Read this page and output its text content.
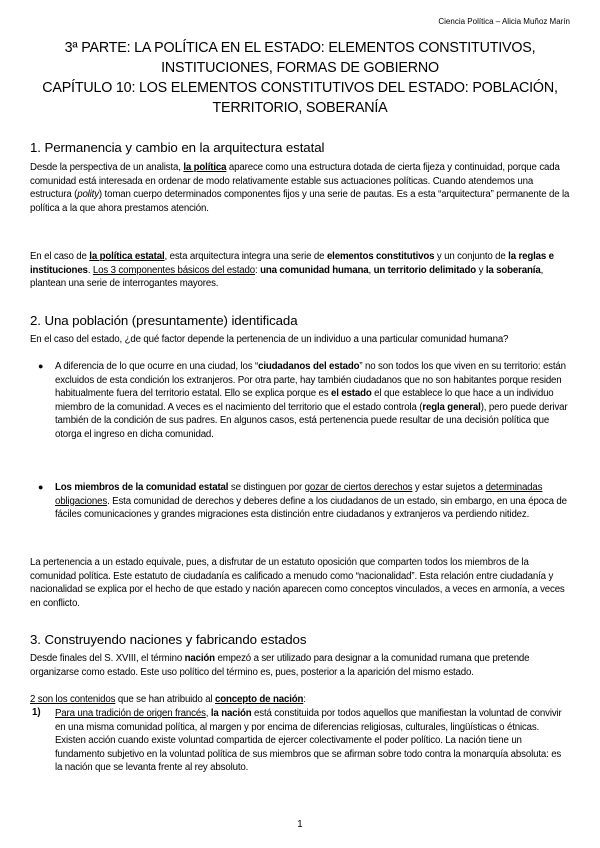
Ciencia Política – Alicia Muñoz Marín
3ª PARTE: LA POLÍTICA EN EL ESTADO: ELEMENTOS CONSTITUTIVOS,
INSTITUCIONES, FORMAS DE GOBIERNO
CAPÍTULO 10: LOS ELEMENTOS CONSTITUTIVOS DEL ESTADO: POBLACIÓN,
TERRITORIO, SOBERANÍA
1. Permanencia y cambio en la arquitectura estatal
Desde la perspectiva de un analista, la política aparece como una estructura dotada de cierta fijeza y continuidad, porque cada comunidad está interesada en ordenar de modo relativamente estable sus actuaciones políticas. Cuando atendemos una estructura (polity) toman cuerpo determinados componentes fijos y una serie de pautas. Es a esta “arquitectura” permanente de la política a la que ahora prestamos atención.
En el caso de la política estatal, esta arquitectura integra una serie de elementos constitutivos y un conjunto de la reglas e instituciones. Los 3 componentes básicos del estado: una comunidad humana, un territorio delimitado y la soberanía, plantean una serie de interrogantes mayores.
2. Una población (presuntamente) identificada
En el caso del estado, ¿de qué factor depende la pertenencia de un individuo a una particular comunidad humana?
● A diferencia de lo que ocurre en una ciudad, los “ciudadanos del estado” no son todos los que viven en su territorio: están excluidos de esta condición los extranjeros. Por otra parte, hay también ciudadanos que no son habitantes porque residen habitualmente fuera del territorio estatal. Ello se explica porque es el estado el que establece lo que hace a un individuo miembro de la comunidad. A veces es el nacimiento del territorio que el estado controla (regla general), pero puede derivar también de la condición de sus padres. En algunos casos, está pertenencia puede resultar de una decisión política que otorga el ingreso en dicha comunidad.
● Los miembros de la comunidad estatal se distinguen por gozar de ciertos derechos y estar sujetos a determinadas obligaciones. Esta comunidad de derechos y deberes define a los ciudadanos de un estado, sin embargo, en una época de fáciles comunicaciones y grandes migraciones esta distinción entre ciudadanos y extranjeros va perdiendo nitidez.
La pertenencia a un estado equivale, pues, a disfrutar de un estatuto oposición que comparten todos los miembros de la comunidad política. Este estatuto de ciudadanía es calificado a menudo como “nacionalidad”. Esta relación entre ciudadanía y nacionalidad se explica por el hecho de que estado y nación aparecen como conceptos vinculados, a veces en armonía, a veces en conflicto.
3. Construyendo naciones y fabricando estados
Desde finales del S. XVIII, el término nación empezó a ser utilizado para designar a la comunidad rumana que pretende organizarse como estado. Este uso político del término es, pues, posterior a la aparición del mismo estado.
2 son los contenidos que se han atribuido al concepto de nación:
1) Para una tradición de origen francés, la nación está constituida por todos aquellos que manifiestan la voluntad de convivir en una misma comunidad política, al margen y por encima de diferencias religiosas, culturales, lingüísticas o étnicas. Existen acción cuando existe voluntad compartida de ejercer colectivamente el poder político. La nación tiene un fundamento subjetivo en la voluntad política de sus miembros que se afirman sobre todo contra la monarquía absoluta: es la nación que se levanta frente al rey absoluto.
1
